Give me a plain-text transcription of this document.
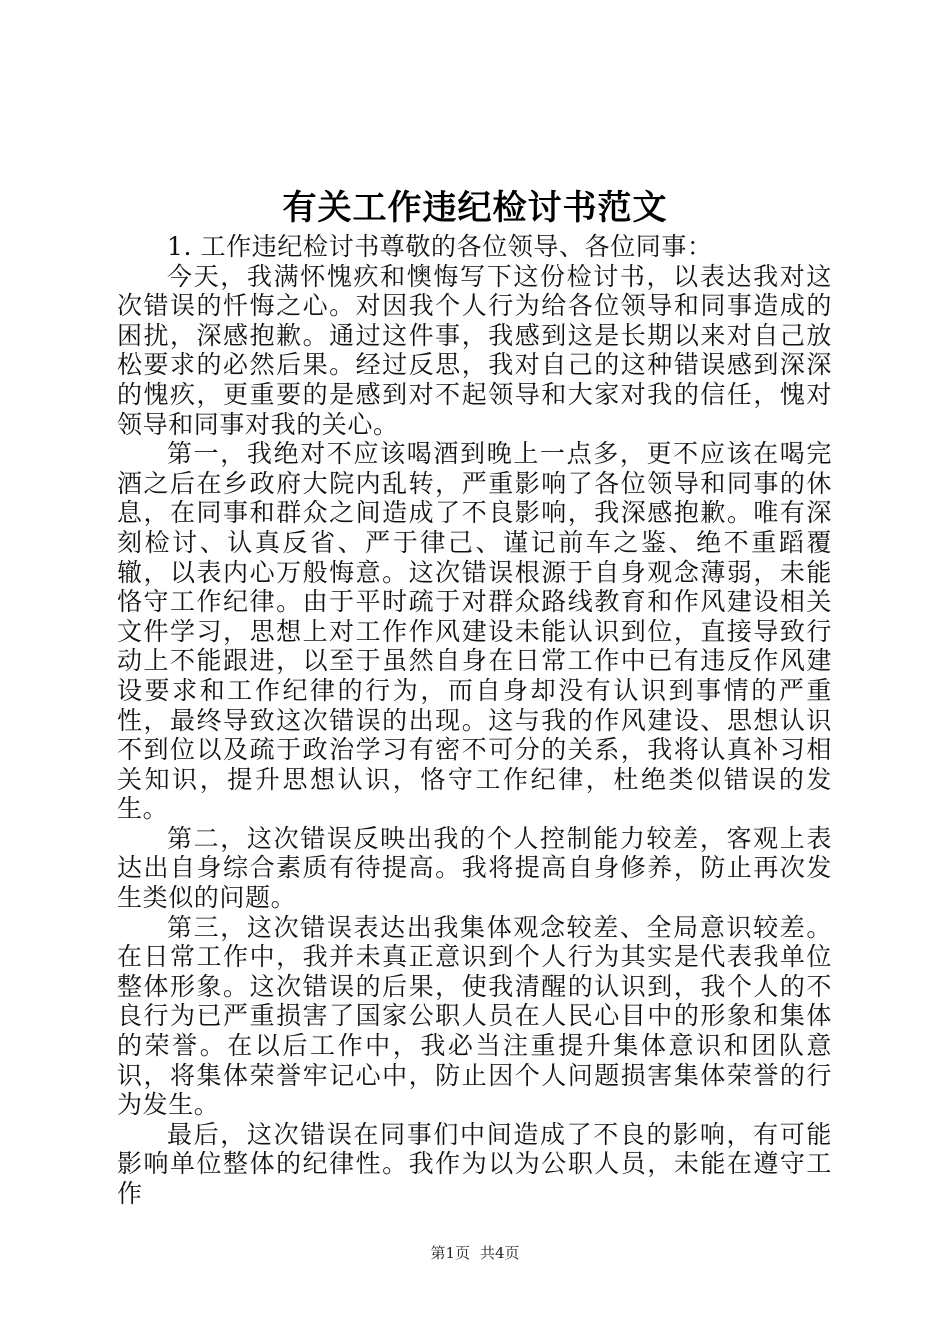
有关工作违纪检讨书范文

1. 工作违纪检讨书尊敬的各位领导、各位同事：

今天，我满怀愧疚和懊悔写下这份检讨书，以表达我对这次错误的忏悔之心。对因我个人行为给各位领导和同事造成的困扰，深感抱歉。通过这件事，我感到这是长期以来对自己放松要求的必然后果。经过反思，我对自己的这种错误感到深深的愧疚，更重要的是感到对不起领导和大家对我的信任，愧对领导和同事对我的关心。

第一，我绝对不应该喝酒到晚上一点多，更不应该在喝完酒之后在乡政府大院内乱转，严重影响了各位领导和同事的休息，在同事和群众之间造成了不良影响，我深感抱歉。唯有深刻检讨、认真反省、严于律己、谨记前车之鉴、绝不重蹈覆辙，以表内心万般悔意。这次错误根源于自身观念薄弱，未能恪守工作纪律。由于平时疏于对群众路线教育和作风建设相关文件学习，思想上对工作作风建设未能认识到位，直接导致行动上不能跟进，以至于虽然自身在日常工作中已有违反作风建设要求和工作纪律的行为，而自身却没有认识到事情的严重性，最终导致这次错误的出现。这与我的作风建设、思想认识不到位以及疏于政治学习有密不可分的关系，我将认真补习相关知识，提升思想认识，恪守工作纪律，杜绝类似错误的发生。

第二，这次错误反映出我的个人控制能力较差，客观上表达出自身综合素质有待提高。我将提高自身修养，防止再次发生类似的问题。

第三，这次错误表达出我集体观念较差、全局意识较差。在日常工作中，我并未真正意识到个人行为其实是代表我单位整体形象。这次错误的后果，使我清醒的认识到，我个人的不良行为已严重损害了国家公职人员在人民心目中的形象和集体的荣誉。在以后工作中，我必当注重提升集体意识和团队意识，将集体荣誉牢记心中，防止因个人问题损害集体荣誉的行为发生。

最后，这次错误在同事们中间造成了不良的影响，有可能影响单位整体的纪律性。我作为以为公职人员，未能在遵守工作

第1页 共4页
